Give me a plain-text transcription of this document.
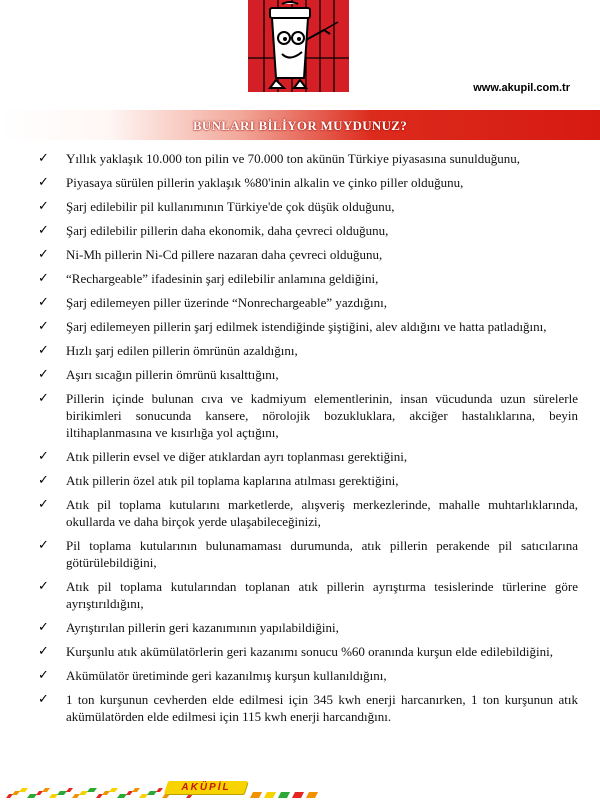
www.akupil.com.tr
BUNLARI BİLİYOR MUYDUNUZ?
✓ Yıllık yaklaşık 10.000 ton pilin ve 70.000 ton akünün Türkiye piyasasına sunulduğunu,
✓ Piyasaya sürülen pillerin yaklaşık %80'inin alkalin ve çinko piller olduğunu,
✓ Şarj edilebilir pil kullanımının Türkiye'de çok düşük olduğunu,
✓ Şarj edilebilir pillerin daha ekonomik, daha çevreci olduğunu,
✓ Ni-Mh pillerin Ni-Cd pillere nazaran daha çevreci olduğunu,
✓ “Rechargeable” ifadesinin şarj edilebilir anlamına geldiğini,
✓ Şarj edilemeyen piller üzerinde “Nonrechargeable” yazdığını,
✓ Şarj edilemeyen pillerin şarj edilmek istendiğinde şiştiğini, alev aldığını ve hatta patladığını,
✓ Hızlı şarj edilen pillerin ömrünün azaldığını,
✓ Aşırı sıcağın pillerin ömrünü kısalttığını,
✓ Pillerin içinde bulunan cıva ve kadmiyum elementlerinin, insan vücudunda uzun sürelerle birikimleri sonucunda kansere, nörolojik bozukluklara, akciğer hastalıklarına, beyin iltihaplanmasına ve kısırlığa yol açtığını,
✓ Atık pillerin evsel ve diğer atıklardan ayrı toplanması gerektiğini,
✓ Atık pillerin özel atık pil toplama kaplarına atılması gerektiğini,
✓ Atık pil toplama kutularını marketlerde, alışveriş merkezlerinde, mahalle muhtarlıklarında, okullarda ve daha birçok yerde ulaşabileceğinizi,
✓ Pil toplama kutularının bulunamaması durumunda, atık pillerin perakende pil satıcılarına götürülebildiğini,
✓ Atık pil toplama kutularından toplanan atık pillerin ayrıştırma tesislerinde türlerine göre ayrıştırıldığını,
✓ Ayrıştırılan pillerin geri kazanımının yapılabildiğini,
✓ Kurşunlu atık akümülatörlerin geri kazanımı sonucu %60 oranında kurşun elde edilebildiğini,
✓ Akümülatör üretiminde geri kazanılmış kurşun kullanıldığını,
✓ 1 ton kurşunun cevherden elde edilmesi için 345 kwh enerji harcanırken, 1 ton kurşunun atık akümülatörden elde edilmesi için 115 kwh enerji harcandığını.
AKÜPİL
